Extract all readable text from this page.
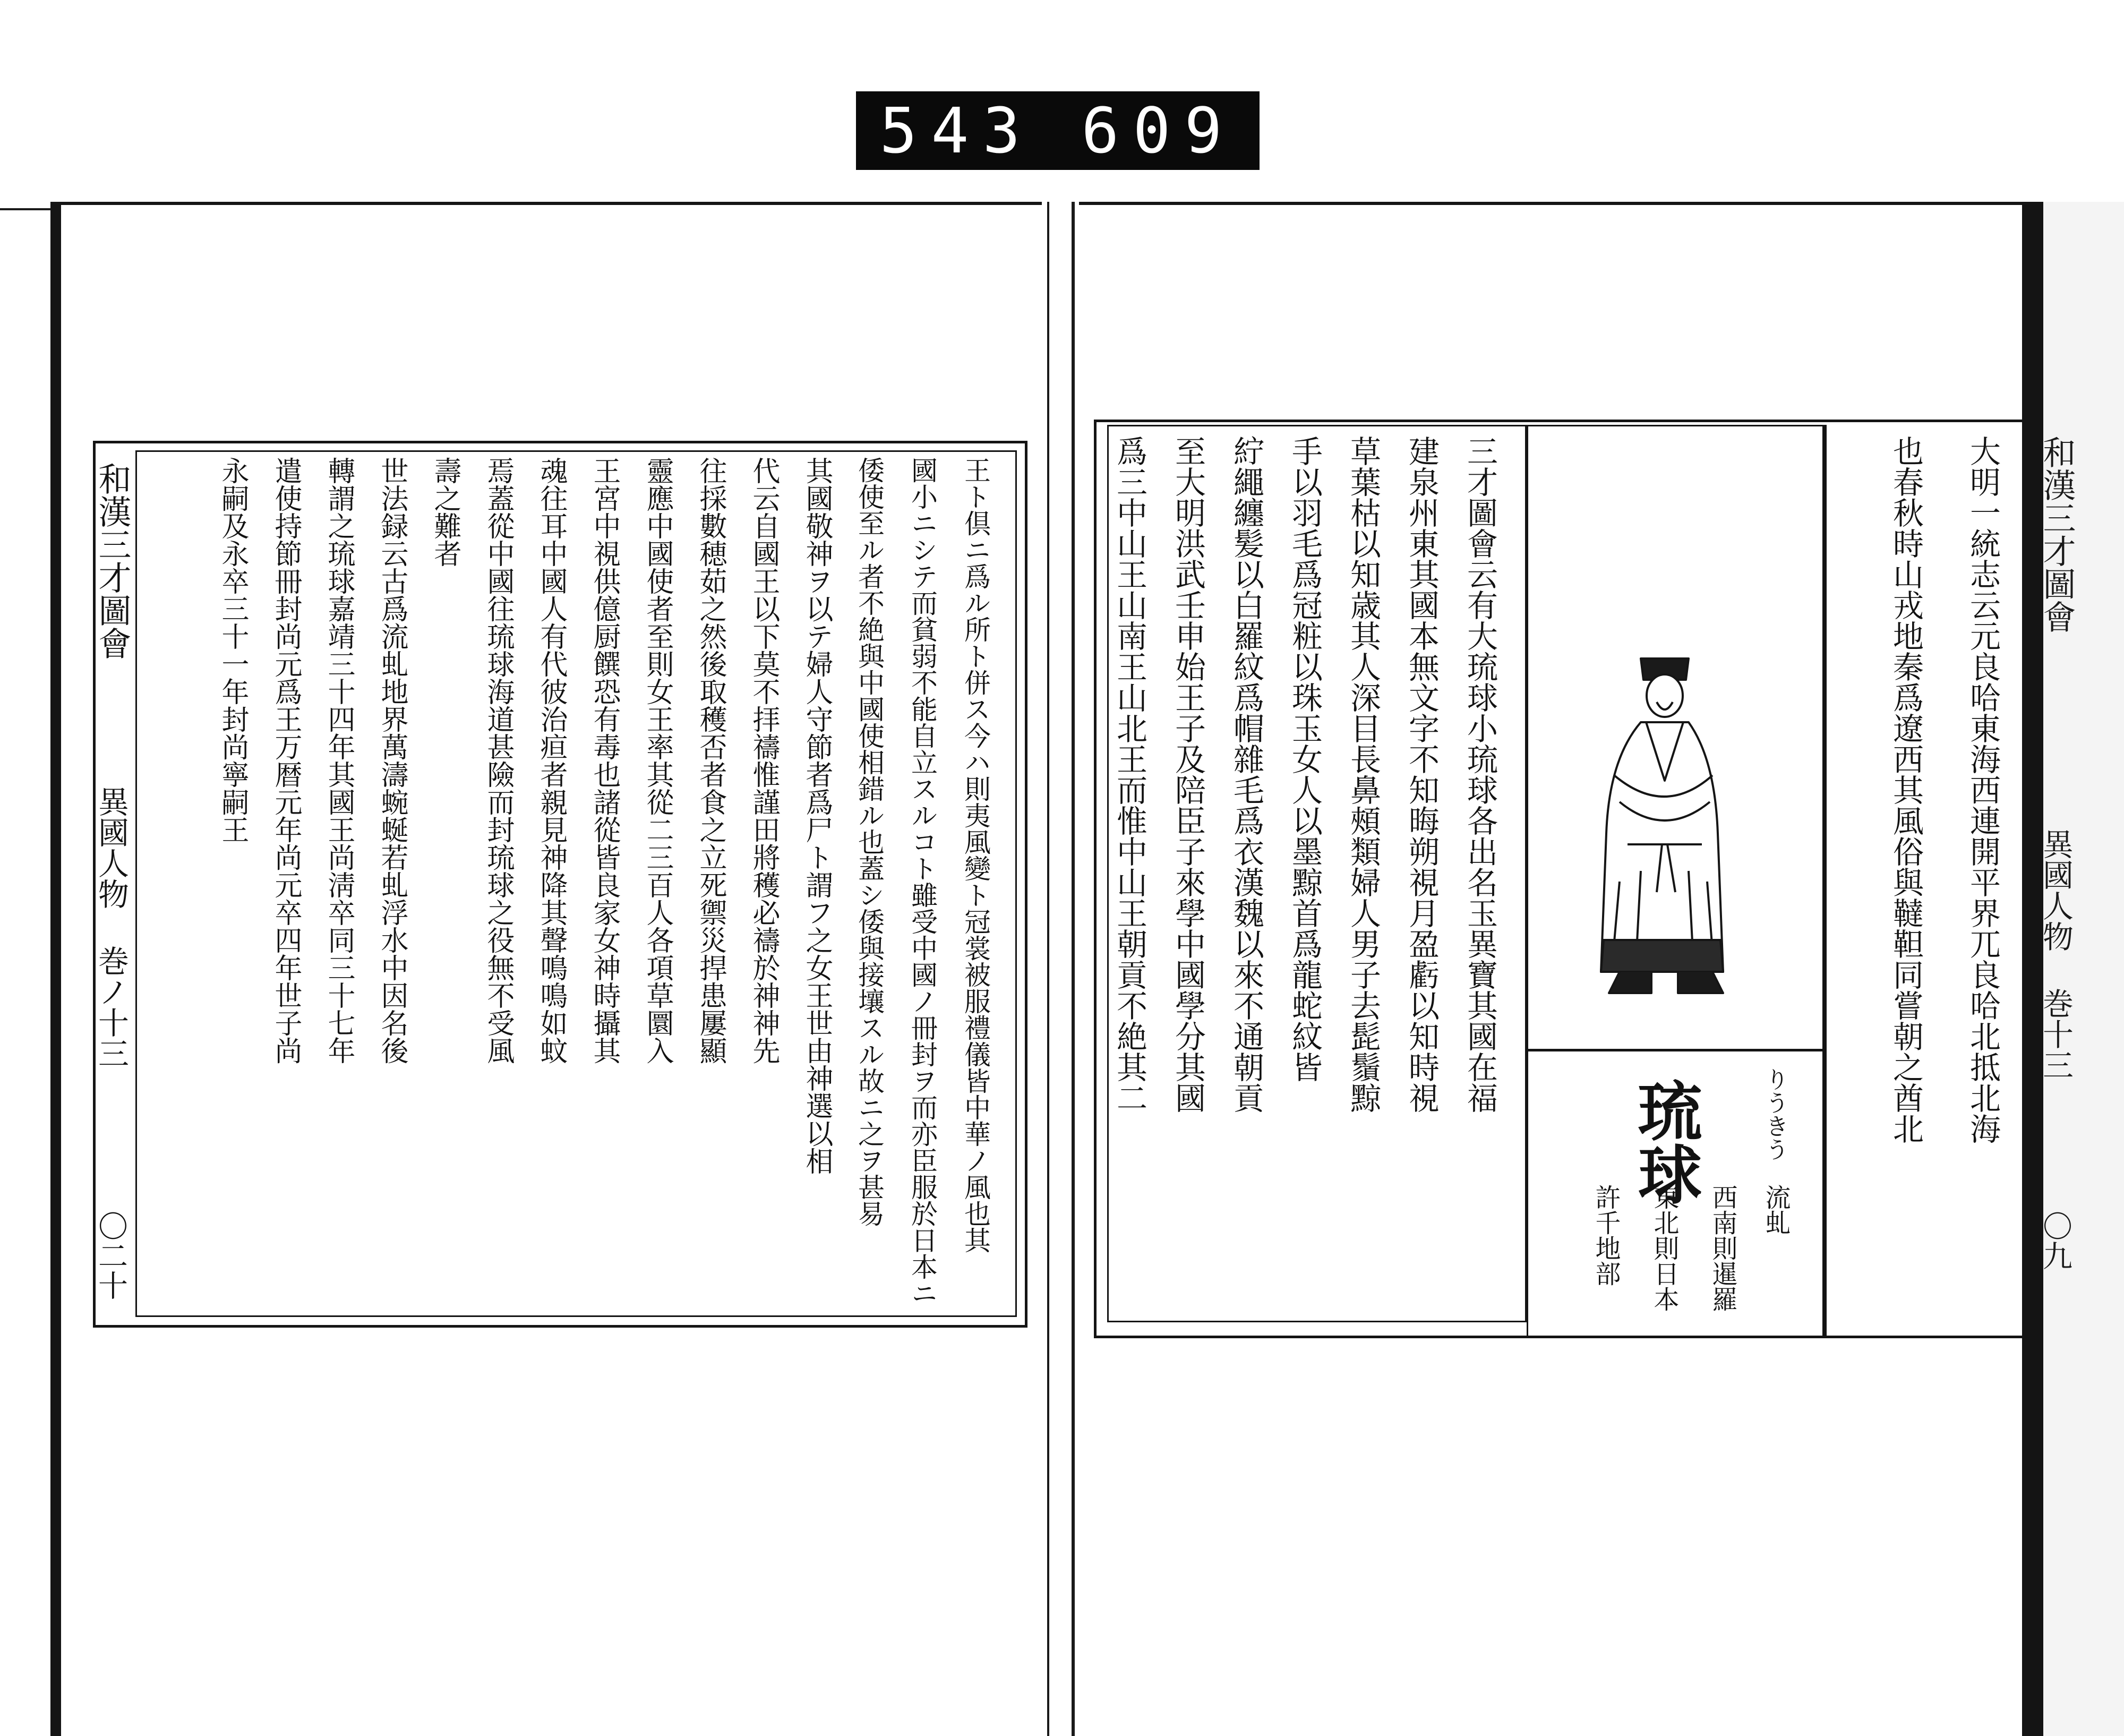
543 609
和漢三才圖會
異國人物 巻ノ十三
〇二十
王ト倶ニ爲ル所ト併ス今ハ則夷風變ト冠裳被服禮儀皆中華ノ風也其
國小ニシテ而貧弱不能自立スルコト雖受中國ノ冊封ヲ而亦臣服於日本ニ
倭使至ル者不絶與中國使相錯ル也蓋シ倭與接壤スル故ニ之ヲ甚易
其國敬神ヲ以テ婦人守節者爲尸ト謂フ之女王世由神選以相
代云自國王以下莫不拝禱惟謹田將穫必禱於神神先
往採數穂茹之然後取穫否者食之立死禦災捍患屢顯
靈應中國使者至則女王率其從二三百人各項草圜入
王宮中視供億厨饌恐有毒也諸從皆良家女神時攝其
魂往耳中國人有代彼治疸者親見神降其聲鳴鳴如蚊
焉蓋從中國往琉球海道甚險而封琉球之役無不受風
壽之難者
世法録云古爲流虬地界萬濤蜿蜒若虬浮水中因名後
轉謂之琉球嘉靖三十四年其國王尚淸卒同三十七年
遣使持節冊封尚元爲王万暦元年尚元卒四年世子尚
永嗣及永卒三十一年封尚寧嗣王	和漢三才圖會
異國人物 巻十三
〇九
大明一統志云元良哈東海西連開平界兀良哈北抵北海
也春秋時山戎地秦爲遼西其風俗與韃靼同嘗朝之酋北
琉球	りうきう
流虬
西南則暹羅
東北則日本
許千地部
三才圖會云有大琉球小琉球各出名玉異寶其國在福
建泉州東其國本無文字不知晦朔視月盈虧以知時視
草葉枯以知歳其人深目長鼻頰類婦人男子去髭鬚黥
手以羽毛爲冠粧以珠玉女人以墨黥首爲龍蛇紋皆
紵繩纏髪以白羅紋爲帽雜毛爲衣漢魏以來不通朝貢
至大明洪武壬申始王子及陪臣子來學中國學分其國
爲三中山王山南王山北王而惟中山王朝貢不絶其二
